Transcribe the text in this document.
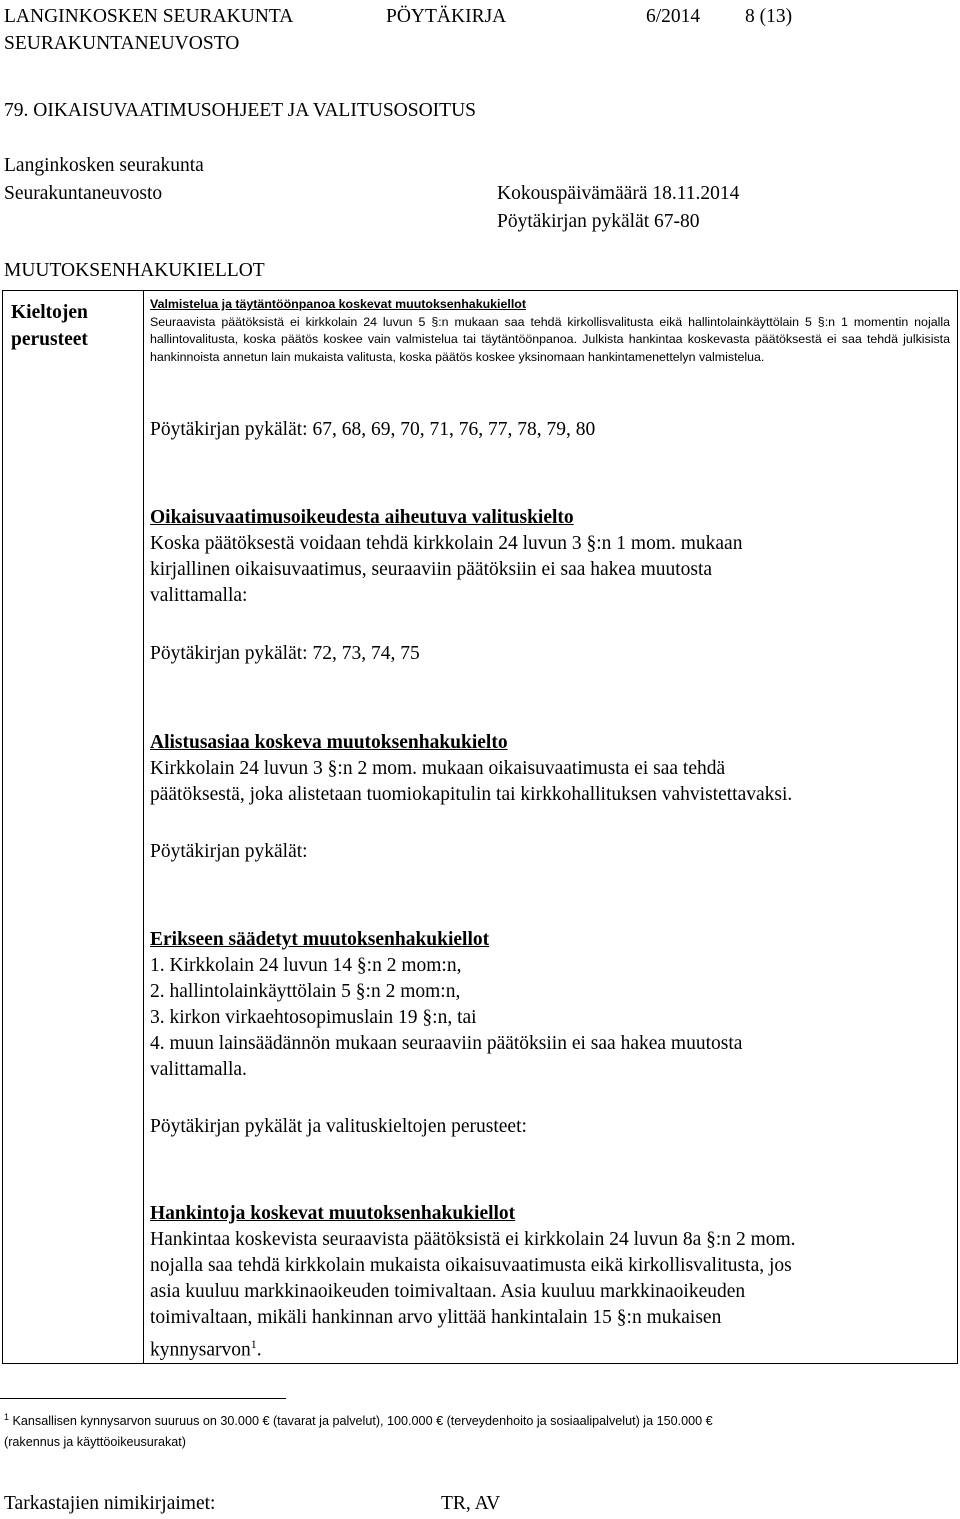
LANGINKOSKEN SEURAKUNTA	PÖYTÄKIRJA	6/2014 8 (13)
SEURAKUNTANEUVOSTO
79. OIKAISUVAATIMUSOHJEET JA VALITUSOSOITUS
Langinkosken seurakunta
Seurakuntaneuvosto	Kokouspäivämäärä 18.11.2014
Pöytäkirjan pykälät 67-80
MUUTOKSENHAKUKIELLOT
Kieltojen
perusteet
Valmistelua ja täytäntöönpanoa koskevat muutoksenhakukiellot

Seuraavista päätöksistä ei kirkkolain 24 luvun 5 §:n mukaan saa tehdä kirkollisvalitusta eikä hallintolainkäyttölain 5 §:n 1 momentin nojalla hallintovalitusta, koska päätös koskee vain valmistelua tai täytäntöönpanoa. Julkista hankintaa koskevasta päätöksestä ei saa tehdä julkisista hankinnoista annetun lain mukaista valitusta, koska päätös koskee yksinomaan hankintamenettelyn valmistelua.

Pöytäkirjan pykälät: 67, 68, 69, 70, 71, 76, 77, 78, 79, 80
Oikaisuvaatimusoikeudesta aiheutuva valituskielto
Koska päätöksestä voidaan tehdä kirkkolain 24 luvun 3 §:n 1 mom. mukaan
kirjallinen oikaisuvaatimus, seuraaviin päätöksiin ei saa hakea muutosta
valittamalla:
Pöytäkirjan pykälät: 72, 73, 74, 75
Alistusasiaa koskeva muutoksenhakukielto
Kirkkolain 24 luvun 3 §:n 2 mom. mukaan oikaisuvaatimusta ei saa tehdä
päätöksestä, joka alistetaan tuomiokapitulin tai kirkkohallituksen vahvistettavaksi.
Pöytäkirjan pykälät:
Erikseen säädetyt muutoksenhakukiellot
1. Kirkkolain 24 luvun 14 §:n 2 mom:n,
2. hallintolainkäyttölain 5 §:n 2 mom:n,
3. kirkon virkaehtosopimuslain 19 §:n, tai
4. muun lainsäädännön mukaan seuraaviin päätöksiin ei saa hakea muutosta
valittamalla.
Pöytäkirjan pykälät ja valituskieltojen perusteet:
Hankintoja koskevat muutoksenhakukiellot
Hankintaa koskevista seuraavista päätöksistä ei kirkkolain 24 luvun 8a §:n 2 mom.
nojalla saa tehdä kirkkolain mukaista oikaisuvaatimusta eikä kirkollisvalitusta, jos
asia kuuluu markkinaoikeuden toimivaltaan. Asia kuuluu markkinaoikeuden
toimivaltaan, mikäli hankinnan arvo ylittää hankintalain 15 §:n mukaisen
kynnysarvon$^1$.
$^1$ Kansallisen kynnysarvon suuruus on 30.000 € (tavarat ja palvelut), 100.000 € (terveydenhoito ja sosiaalipalvelut) ja 150.000 €
(rakennus ja käyttöoikeusurakat)
Tarkastajien nimikirjaimet:	TR, AV
